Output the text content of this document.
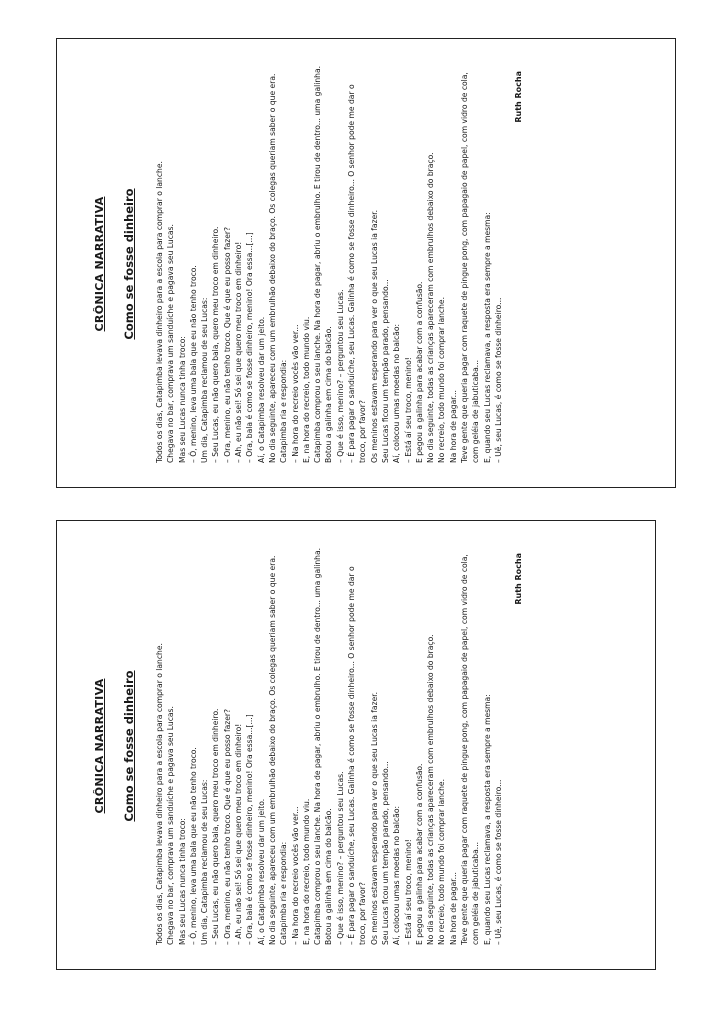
CRÔNICA NARRATIVA Como se fosse dinheiro	Todos os dias, Catapimba levava dinheiro para a escola para comprar o lanche. Chegava no bar, comprava um sanduíche e pagava seu Lucas. Mas seu Lucas nunca tinha troco: – Ô, menino, leva uma bala que eu não tenho troco. Um dia, Catapimba reclamou de seu Lucas: – Seu Lucas, eu não quero bala, quero meu troco em dinheiro. – Ora, menino, eu não tenho troco. Que é que eu posso fazer? – Ah, eu não sei! Só sei que quero meu troco em dinheiro! – Ora, bala é como se fosse dinheiro, menino! Ora essa...[...] Aí, o Catapimba resolveu dar um jeito. No dia seguinte, apareceu com um embrulhão debaixo do braço. Os colegas queriam saber o que era. Catapimba ria e respondia: – Na hora do recreio vocês vão ver... E, na hora do recreio, todo mundo viu. Catapimba comprou o seu lanche. Na hora de pagar, abriu o embrulho. E tirou de dentro... uma galinha. Botou a galinha em cima do balcão. – Que é isso, menino? – perguntou seu Lucas. – É para pagar o sanduíche, seu Lucas. Galinha é como se fosse dinheiro... O senhor pode me dar o troco, por favor? Os meninos estavam esperando para ver o que seu Lucas ia fazer. Seu Lucas ficou um tempão parado, pensando... Aí, colocou umas moedas no balcão: – Está aí seu troco, menino! E pegou a galinha para acabar com a confusão. No dia seguinte, todas as crianças apareceram com embrulhos debaixo do braço. No recreio, todo mundo foi comprar lanche. Na hora de pagar... Teve gente que queria pagar com raquete de pingue pong, com papagaio de papel, com vidro de cola, com geléia de jabuticaba... E, quando seu Lucas reclamava, a resposta era sempre a mesma: – Uê, seu Lucas, é como se fosse dinheiro...
Ruth Rocha
CRÔNICA NARRATIVA Como se fosse dinheiro	Todos os dias, Catapimba levava dinheiro para a escola para comprar o lanche. Chegava no bar, comprava um sanduíche e pagava seu Lucas. Mas seu Lucas nunca tinha troco: – Ô, menino, leva uma bala que eu não tenho troco. Um dia, Catapimba reclamou de seu Lucas: – Seu Lucas, eu não quero bala, quero meu troco em dinheiro. – Ora, menino, eu não tenho troco. Que é que eu posso fazer? – Ah, eu não sei! Só sei que quero meu troco em dinheiro! – Ora, bala é como se fosse dinheiro, menino! Ora essa...[...] Aí, o Catapimba resolveu dar um jeito. No dia seguinte, apareceu com um embrulhão debaixo do braço. Os colegas queriam saber o que era. Catapimba ria e respondia: – Na hora do recreio vocês vão ver... E, na hora do recreio, todo mundo viu. Catapimba comprou o seu lanche. Na hora de pagar, abriu o embrulho. E tirou de dentro... uma galinha. Botou a galinha em cima do balcão. – Que é isso, menino? – perguntou seu Lucas. – É para pagar o sanduíche, seu Lucas. Galinha é como se fosse dinheiro... O senhor pode me dar o troco, por favor? Os meninos estavam esperando para ver o que seu Lucas ia fazer. Seu Lucas ficou um tempão parado, pensando... Aí, colocou umas moedas no balcão: – Está aí seu troco, menino! E pegou a galinha para acabar com a confusão. No dia seguinte, todas as crianças apareceram com embrulhos debaixo do braço. No recreio, todo mundo foi comprar lanche. Na hora de pagar... Teve gente que queria pagar com raquete de pingue pong, com papagaio de papel, com vidro de cola, com geléia de jabuticaba... E, quando seu Lucas reclamava, a resposta era sempre a mesma: – Uê, seu Lucas, é como se fosse dinheiro...
Ruth Rocha
